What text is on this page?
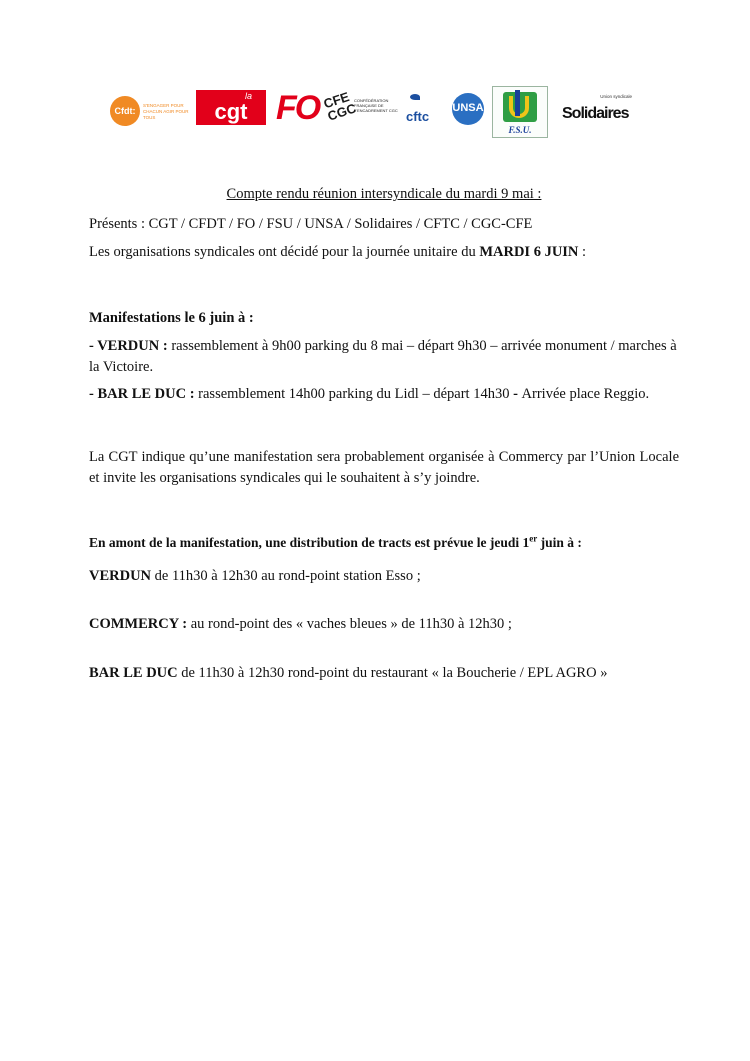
Cfdt:
S'ENGAGER POUR CHACUN AGIR POUR TOUS
la
cgt FO CFE CGC
CONFÉDÉRATION FRANÇAISE DE L'ENCADREMENT CGC cftc
UNSA
F.S.U.
Union syndicale
Solidaires

Compte rendu réunion intersyndicale du mardi 9 mai :

Présents : CGT / CFDT / FO / FSU / UNSA / Solidaires / CFTC / CGC-CFE

Les organisations syndicales ont décidé pour la journée unitaire du MARDI 6 JUIN :

Manifestations le 6 juin à :

- VERDUN : rassemblement à 9h00 parking du 8 mai – départ 9h30 – arrivée monument / marches à la Victoire.

- BAR LE DUC : rassemblement 14h00 parking du Lidl – départ 14h30 - Arrivée place Reggio.

La CGT indique qu’une manifestation sera probablement organisée à Commercy par l’Union Locale et invite les organisations syndicales qui le souhaitent à s’y joindre.

En amont de la manifestation, une distribution de tracts est prévue le jeudi 1er juin à :

VERDUN de 11h30 à 12h30 au rond-point station Esso ;

COMMERCY : au rond-point des « vaches bleues » de 11h30 à 12h30 ;

BAR LE DUC de 11h30 à 12h30 rond-point du restaurant « la Boucherie / EPL AGRO »
